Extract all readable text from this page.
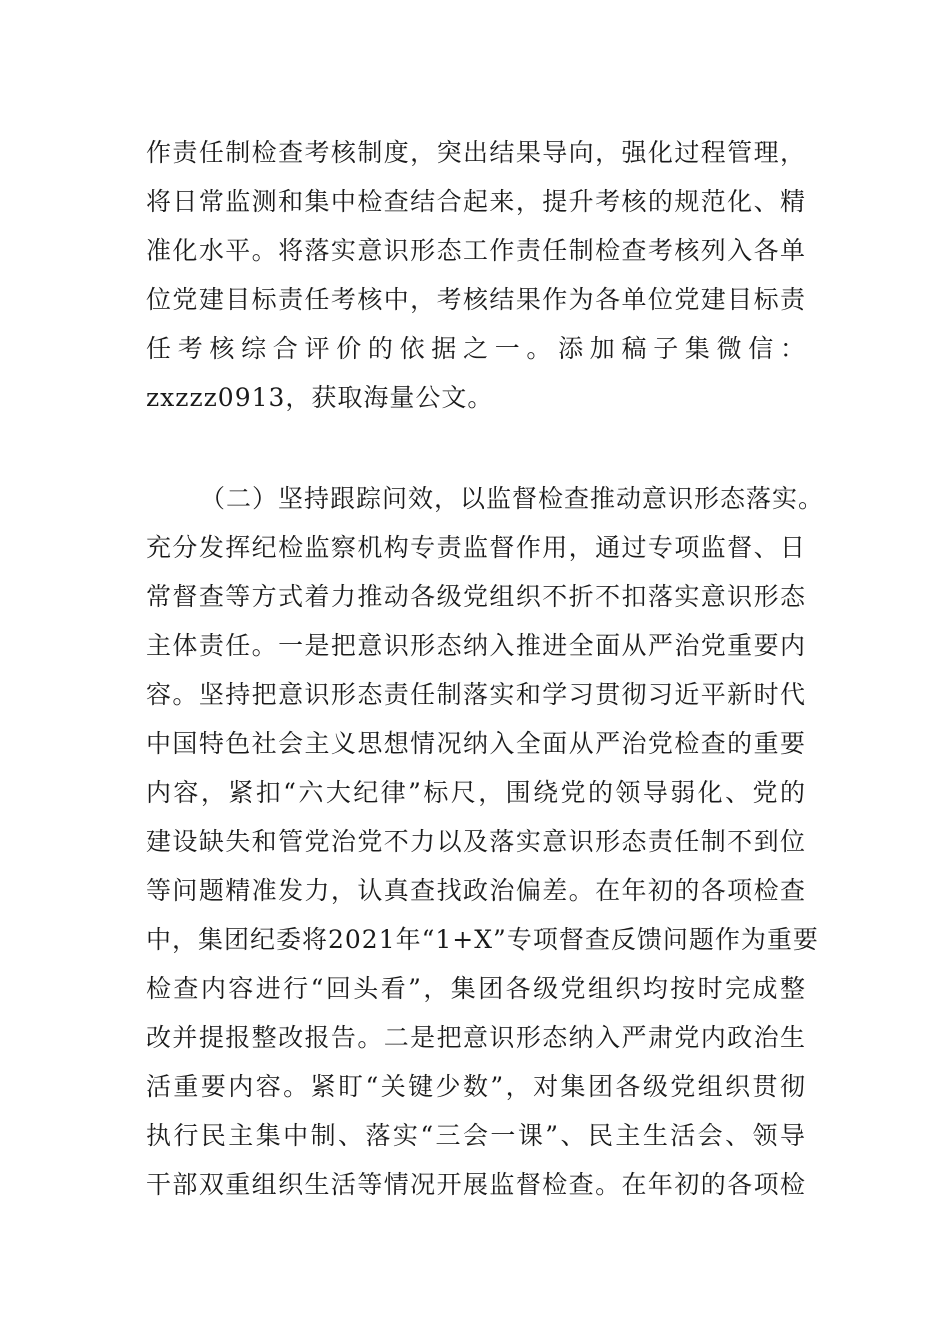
作责任制检查考核制度，突出结果导向，强化过程管理，
将日常监测和集中检查结合起来，提升考核的规范化、精
准化水平。将落实意识形态工作责任制检查考核列入各单
位党建目标责任考核中，考核结果作为各单位党建目标责
任考核综合评价的依据之一。添加稿子集微信：
zxzzz0913，获取海量公文。
（二）坚持跟踪问效，以监督检查推动意识形态落实。
充分发挥纪检监察机构专责监督作用，通过专项监督、日
常督查等方式着力推动各级党组织不折不扣落实意识形态
主体责任。一是把意识形态纳入推进全面从严治党重要内
容。坚持把意识形态责任制落实和学习贯彻习近平新时代
中国特色社会主义思想情况纳入全面从严治党检查的重要
内容，紧扣“六大纪律”标尺，围绕党的领导弱化、党的
建设缺失和管党治党不力以及落实意识形态责任制不到位
等问题精准发力，认真查找政治偏差。在年初的各项检查
中，集团纪委将2021年“1+X”专项督查反馈问题作为重要
检查内容进行“回头看”，集团各级党组织均按时完成整
改并提报整改报告。二是把意识形态纳入严肃党内政治生
活重要内容。紧盯“关键少数”，对集团各级党组织贯彻
执行民主集中制、落实“三会一课”、民主生活会、领导
干部双重组织生活等情况开展监督检查。在年初的各项检
